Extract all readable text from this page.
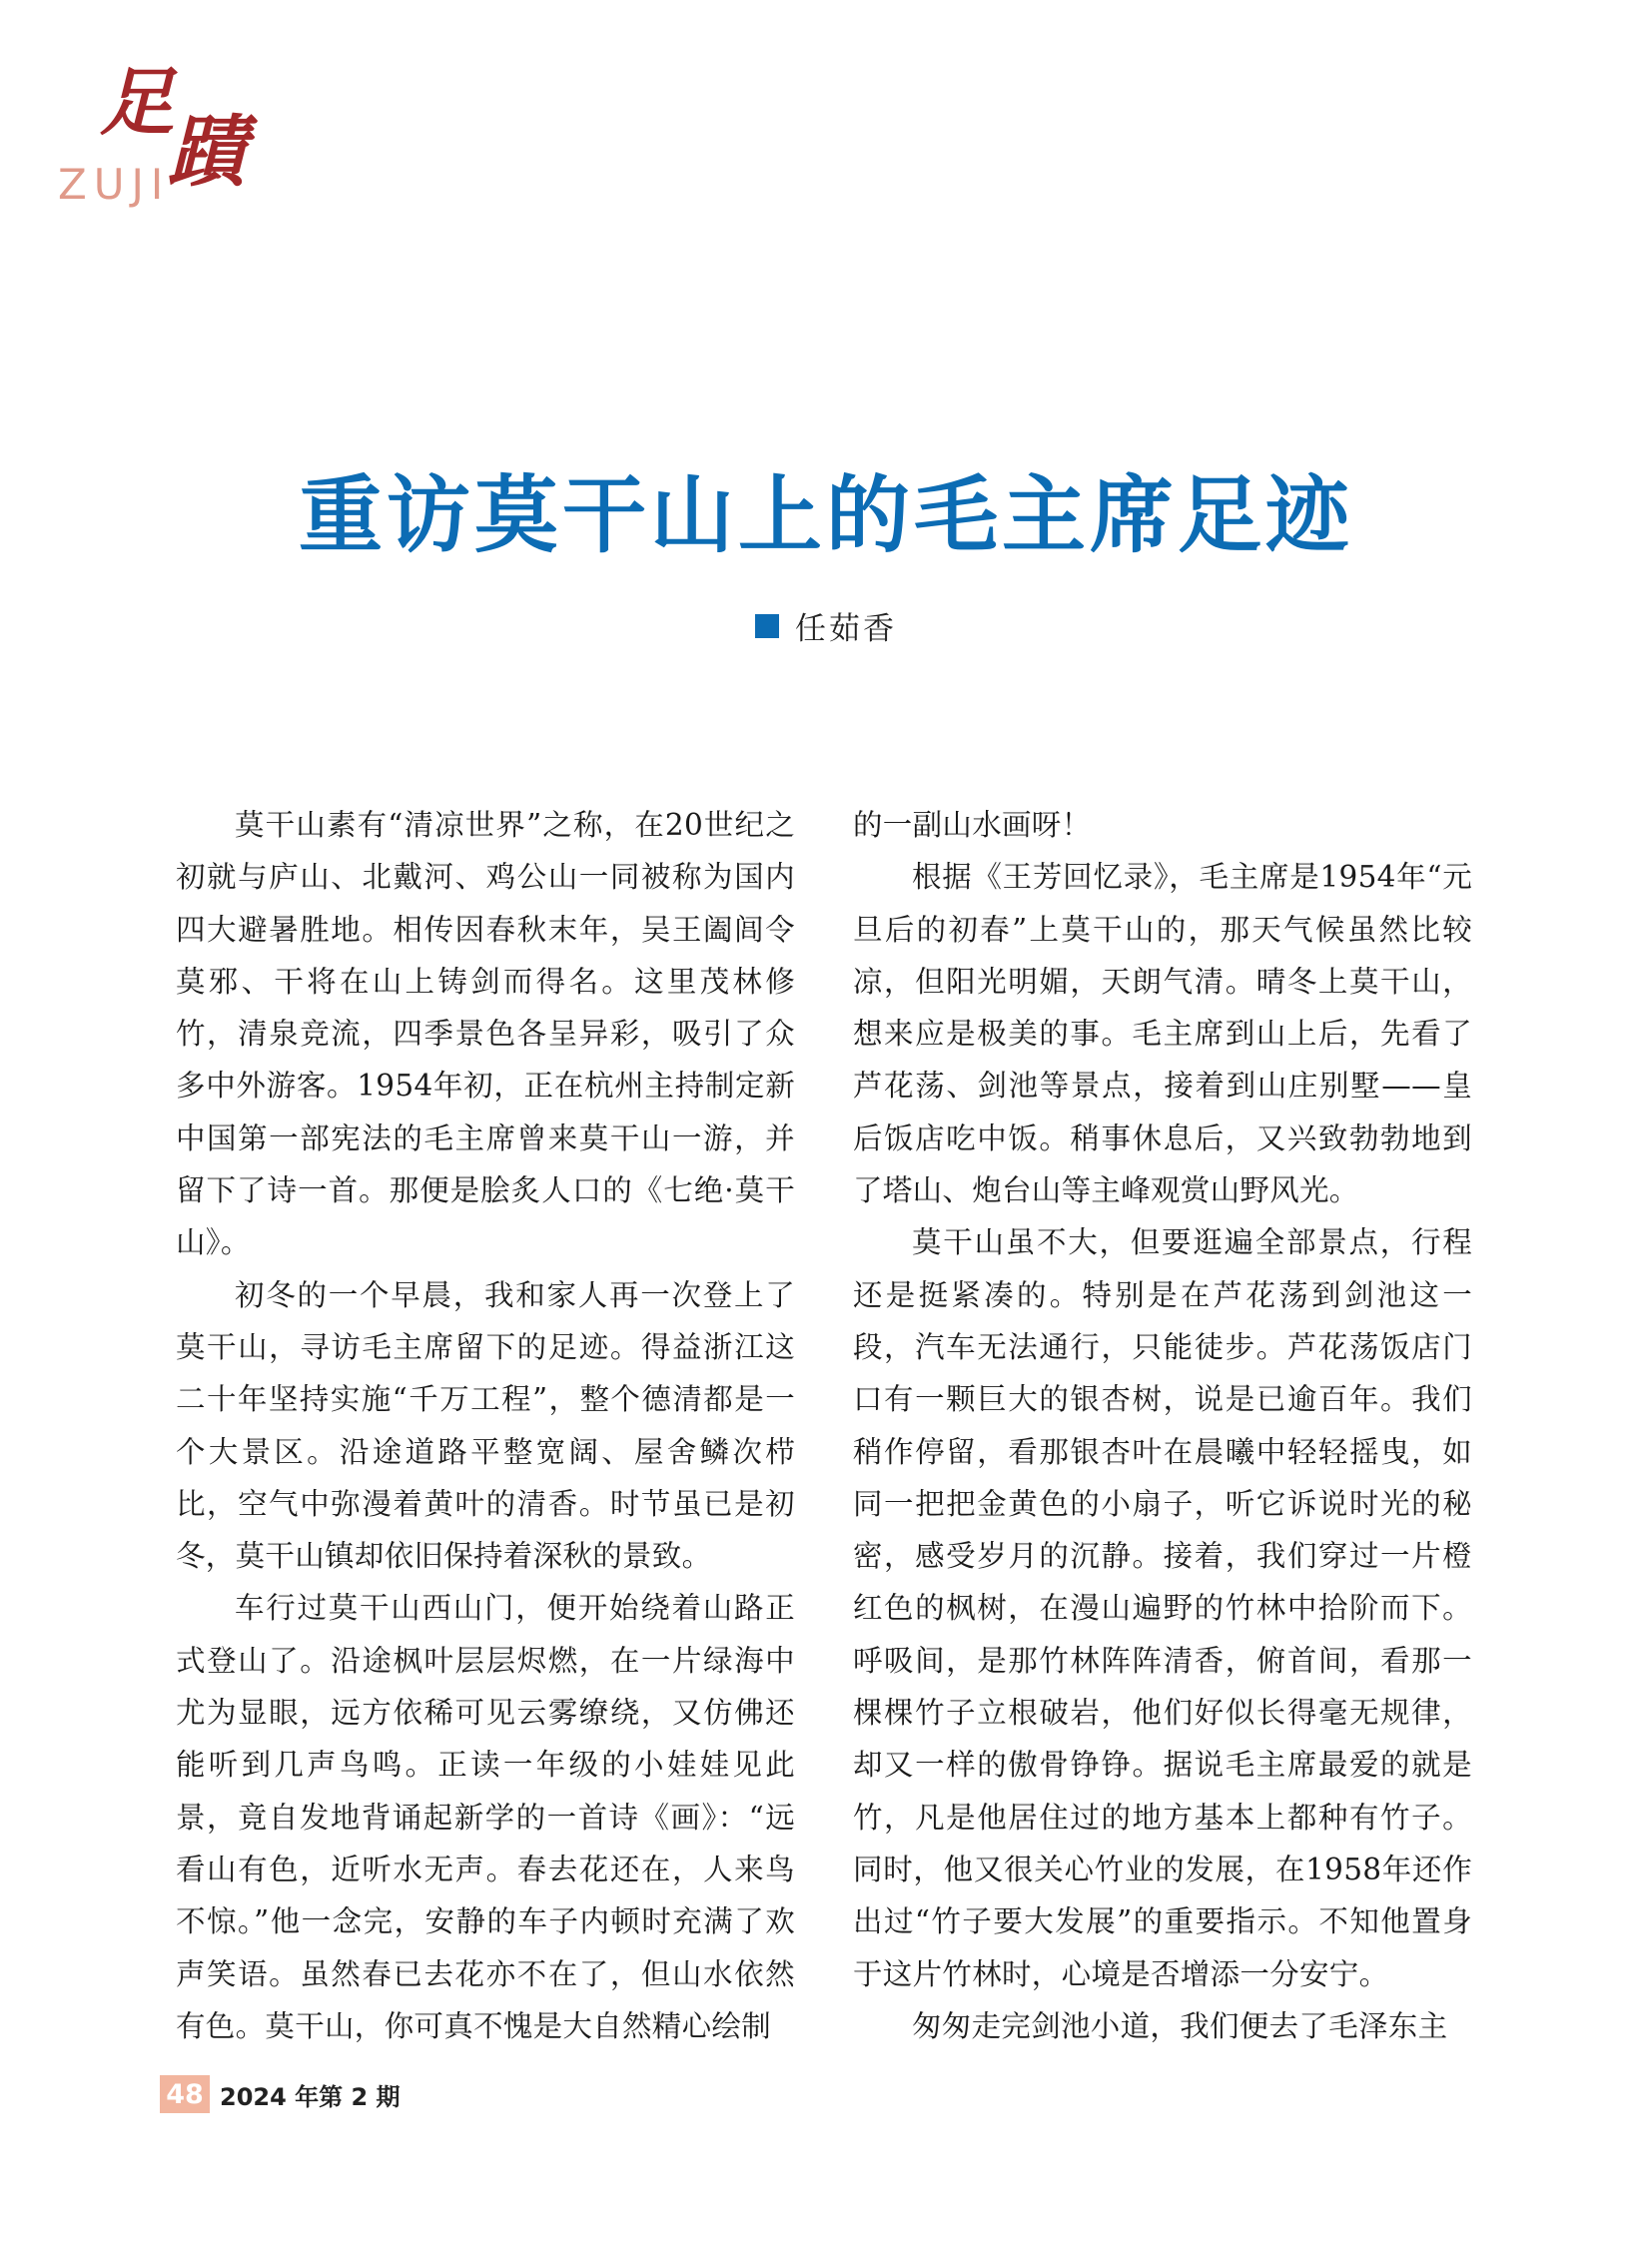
足
蹟
ZUJI
重访莫干山上的毛主席足迹
任茹香

莫干山素有“清凉世界”之称，在20世纪之初就与庐山、北戴河、鸡公山一同被称为国内四大避暑胜地。相传因春秋末年，吴王阖闾令莫邪、干将在山上铸剑而得名。这里茂林修竹，清泉竞流，四季景色各呈异彩，吸引了众多中外游客。1954年初，正在杭州主持制定新中国第一部宪法的毛主席曾来莫干山一游，并留下了诗一首。那便是脍炙人口的《七绝·莫干山》。

初冬的一个早晨，我和家人再一次登上了莫干山，寻访毛主席留下的足迹。得益浙江这二十年坚持实施“千万工程”，整个德清都是一个大景区。沿途道路平整宽阔、屋舍鳞次栉比，空气中弥漫着黄叶的清香。时节虽已是初冬，莫干山镇却依旧保持着深秋的景致。

车行过莫干山西山门，便开始绕着山路正式登山了。沿途枫叶层层烬燃，在一片绿海中尤为显眼，远方依稀可见云雾缭绕，又仿佛还能听到几声鸟鸣。正读一年级的小娃娃见此景，竟自发地背诵起新学的一首诗《画》：“远看山有色，近听水无声。春去花还在，人来鸟不惊。”他一念完，安静的车子内顿时充满了欢声笑语。虽然春已去花亦不在了，但山水依然有色。莫干山，你可真不愧是大自然精心绘制

的一副山水画呀！

根据《王芳回忆录》，毛主席是1954年“元旦后的初春”上莫干山的，那天气候虽然比较凉，但阳光明媚，天朗气清。晴冬上莫干山，想来应是极美的事。毛主席到山上后，先看了芦花荡、剑池等景点，接着到山庄别墅——皇后饭店吃中饭。稍事休息后，又兴致勃勃地到了塔山、炮台山等主峰观赏山野风光。

莫干山虽不大，但要逛遍全部景点，行程还是挺紧凑的。特别是在芦花荡到剑池这一段，汽车无法通行，只能徒步。芦花荡饭店门口有一颗巨大的银杏树，说是已逾百年。我们稍作停留，看那银杏叶在晨曦中轻轻摇曳，如同一把把金黄色的小扇子，听它诉说时光的秘密，感受岁月的沉静。接着，我们穿过一片橙红色的枫树，在漫山遍野的竹林中拾阶而下。呼吸间，是那竹林阵阵清香，俯首间，看那一棵棵竹子立根破岩，他们好似长得毫无规律，却又一样的傲骨铮铮。据说毛主席最爱的就是竹，凡是他居住过的地方基本上都种有竹子。同时，他又很关心竹业的发展，在1958年还作出过“竹子要大发展”的重要指示。不知他置身于这片竹林时，心境是否增添一分安宁。

匆匆走完剑池小道，我们便去了毛泽东主

48 2024 年第 2 期
